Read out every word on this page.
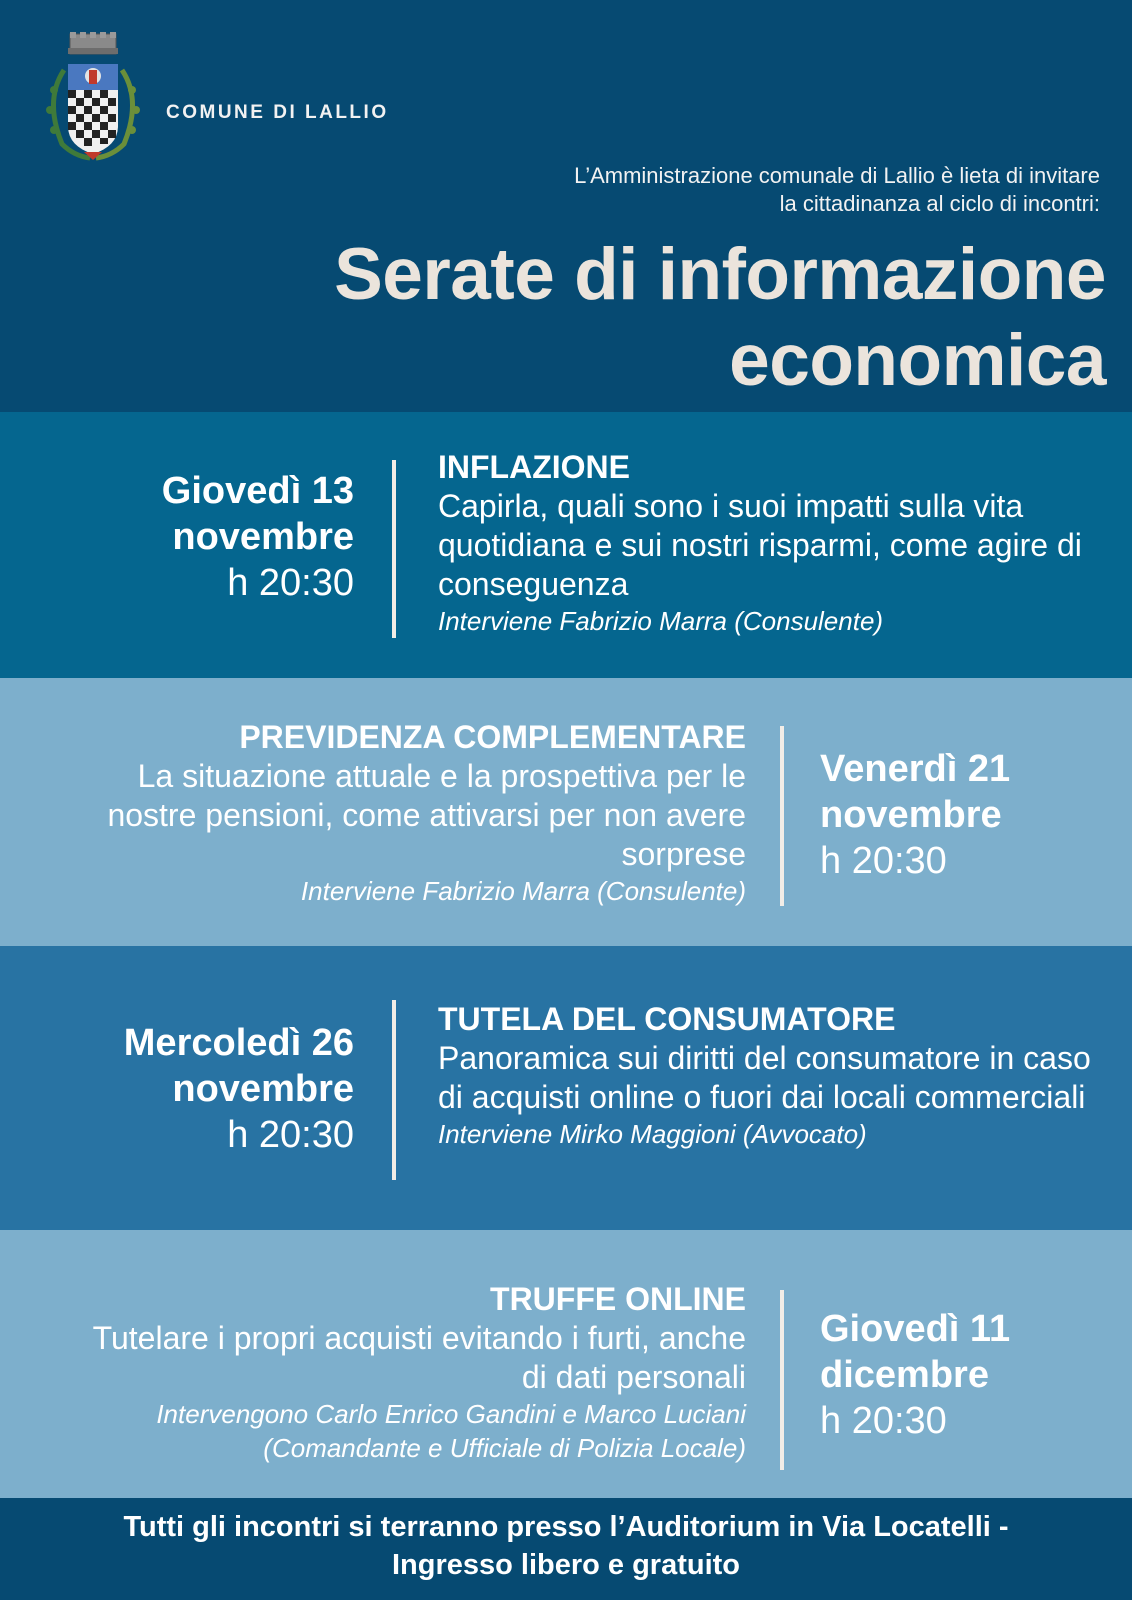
COMUNE DI LALLIO
L’Amministrazione comunale di Lallio è lieta di invitare
la cittadinanza al ciclo di incontri:
Serate di informazione
economica
Giovedì 13
novembre
h 20:30
INFLAZIONE
Capirla, quali sono i suoi impatti sulla vita quotidiana e sui nostri risparmi, come agire di conseguenza
Interviene Fabrizio Marra (Consulente)
PREVIDENZA COMPLEMENTARE
La situazione attuale e la prospettiva per le nostre pensioni, come attivarsi per non avere sorprese
Interviene Fabrizio Marra (Consulente)
Venerdì 21
novembre
h 20:30
Mercoledì 26
novembre
h 20:30
TUTELA DEL CONSUMATORE
Panoramica sui diritti del consumatore in caso di acquisti online o fuori dai locali commerciali
Interviene Mirko Maggioni (Avvocato)
TRUFFE ONLINE
Tutelare i propri acquisti evitando i furti, anche di dati personali
Intervengono Carlo Enrico Gandini e Marco Luciani (Comandante e Ufficiale di Polizia Locale)
Giovedì 11
dicembre
h 20:30
Tutti gli incontri si terranno presso l’Auditorium in Via Locatelli -
Ingresso libero e gratuito
